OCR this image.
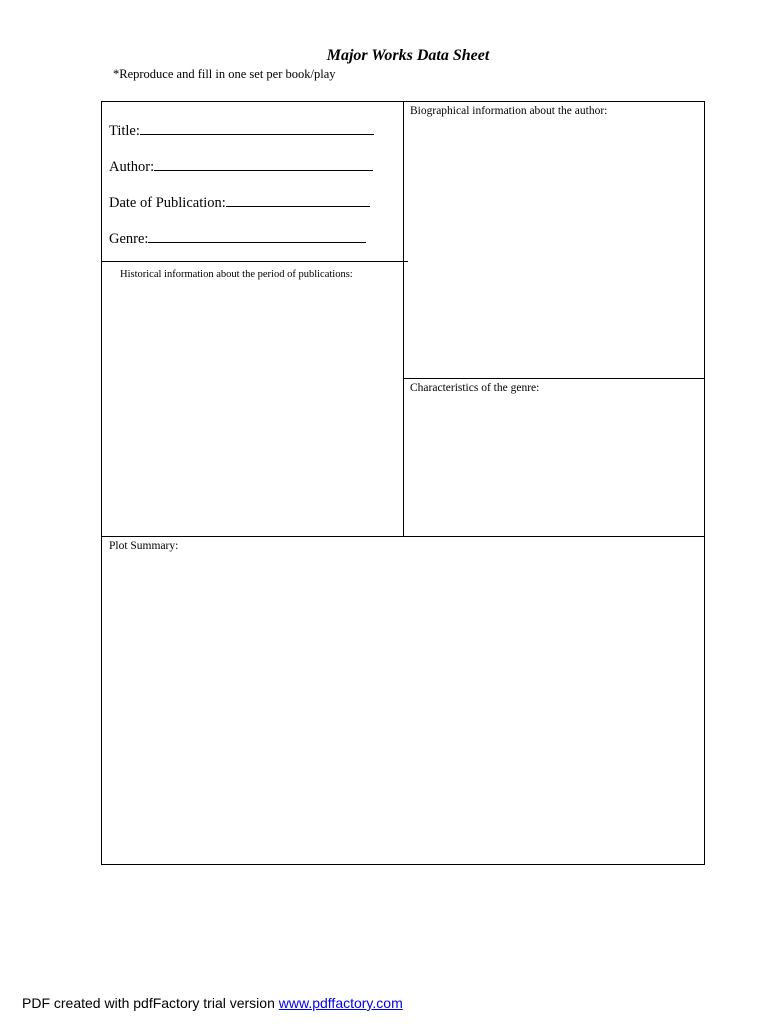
Major Works Data Sheet
*Reproduce and fill in one set per book/play
Title:
Author:
Date of Publication:
Genre:
Biographical information about the author:
Historical information about the period of publications:
Characteristics of the genre:
Plot Summary:
PDF created with pdfFactory trial version www.pdffactory.com
